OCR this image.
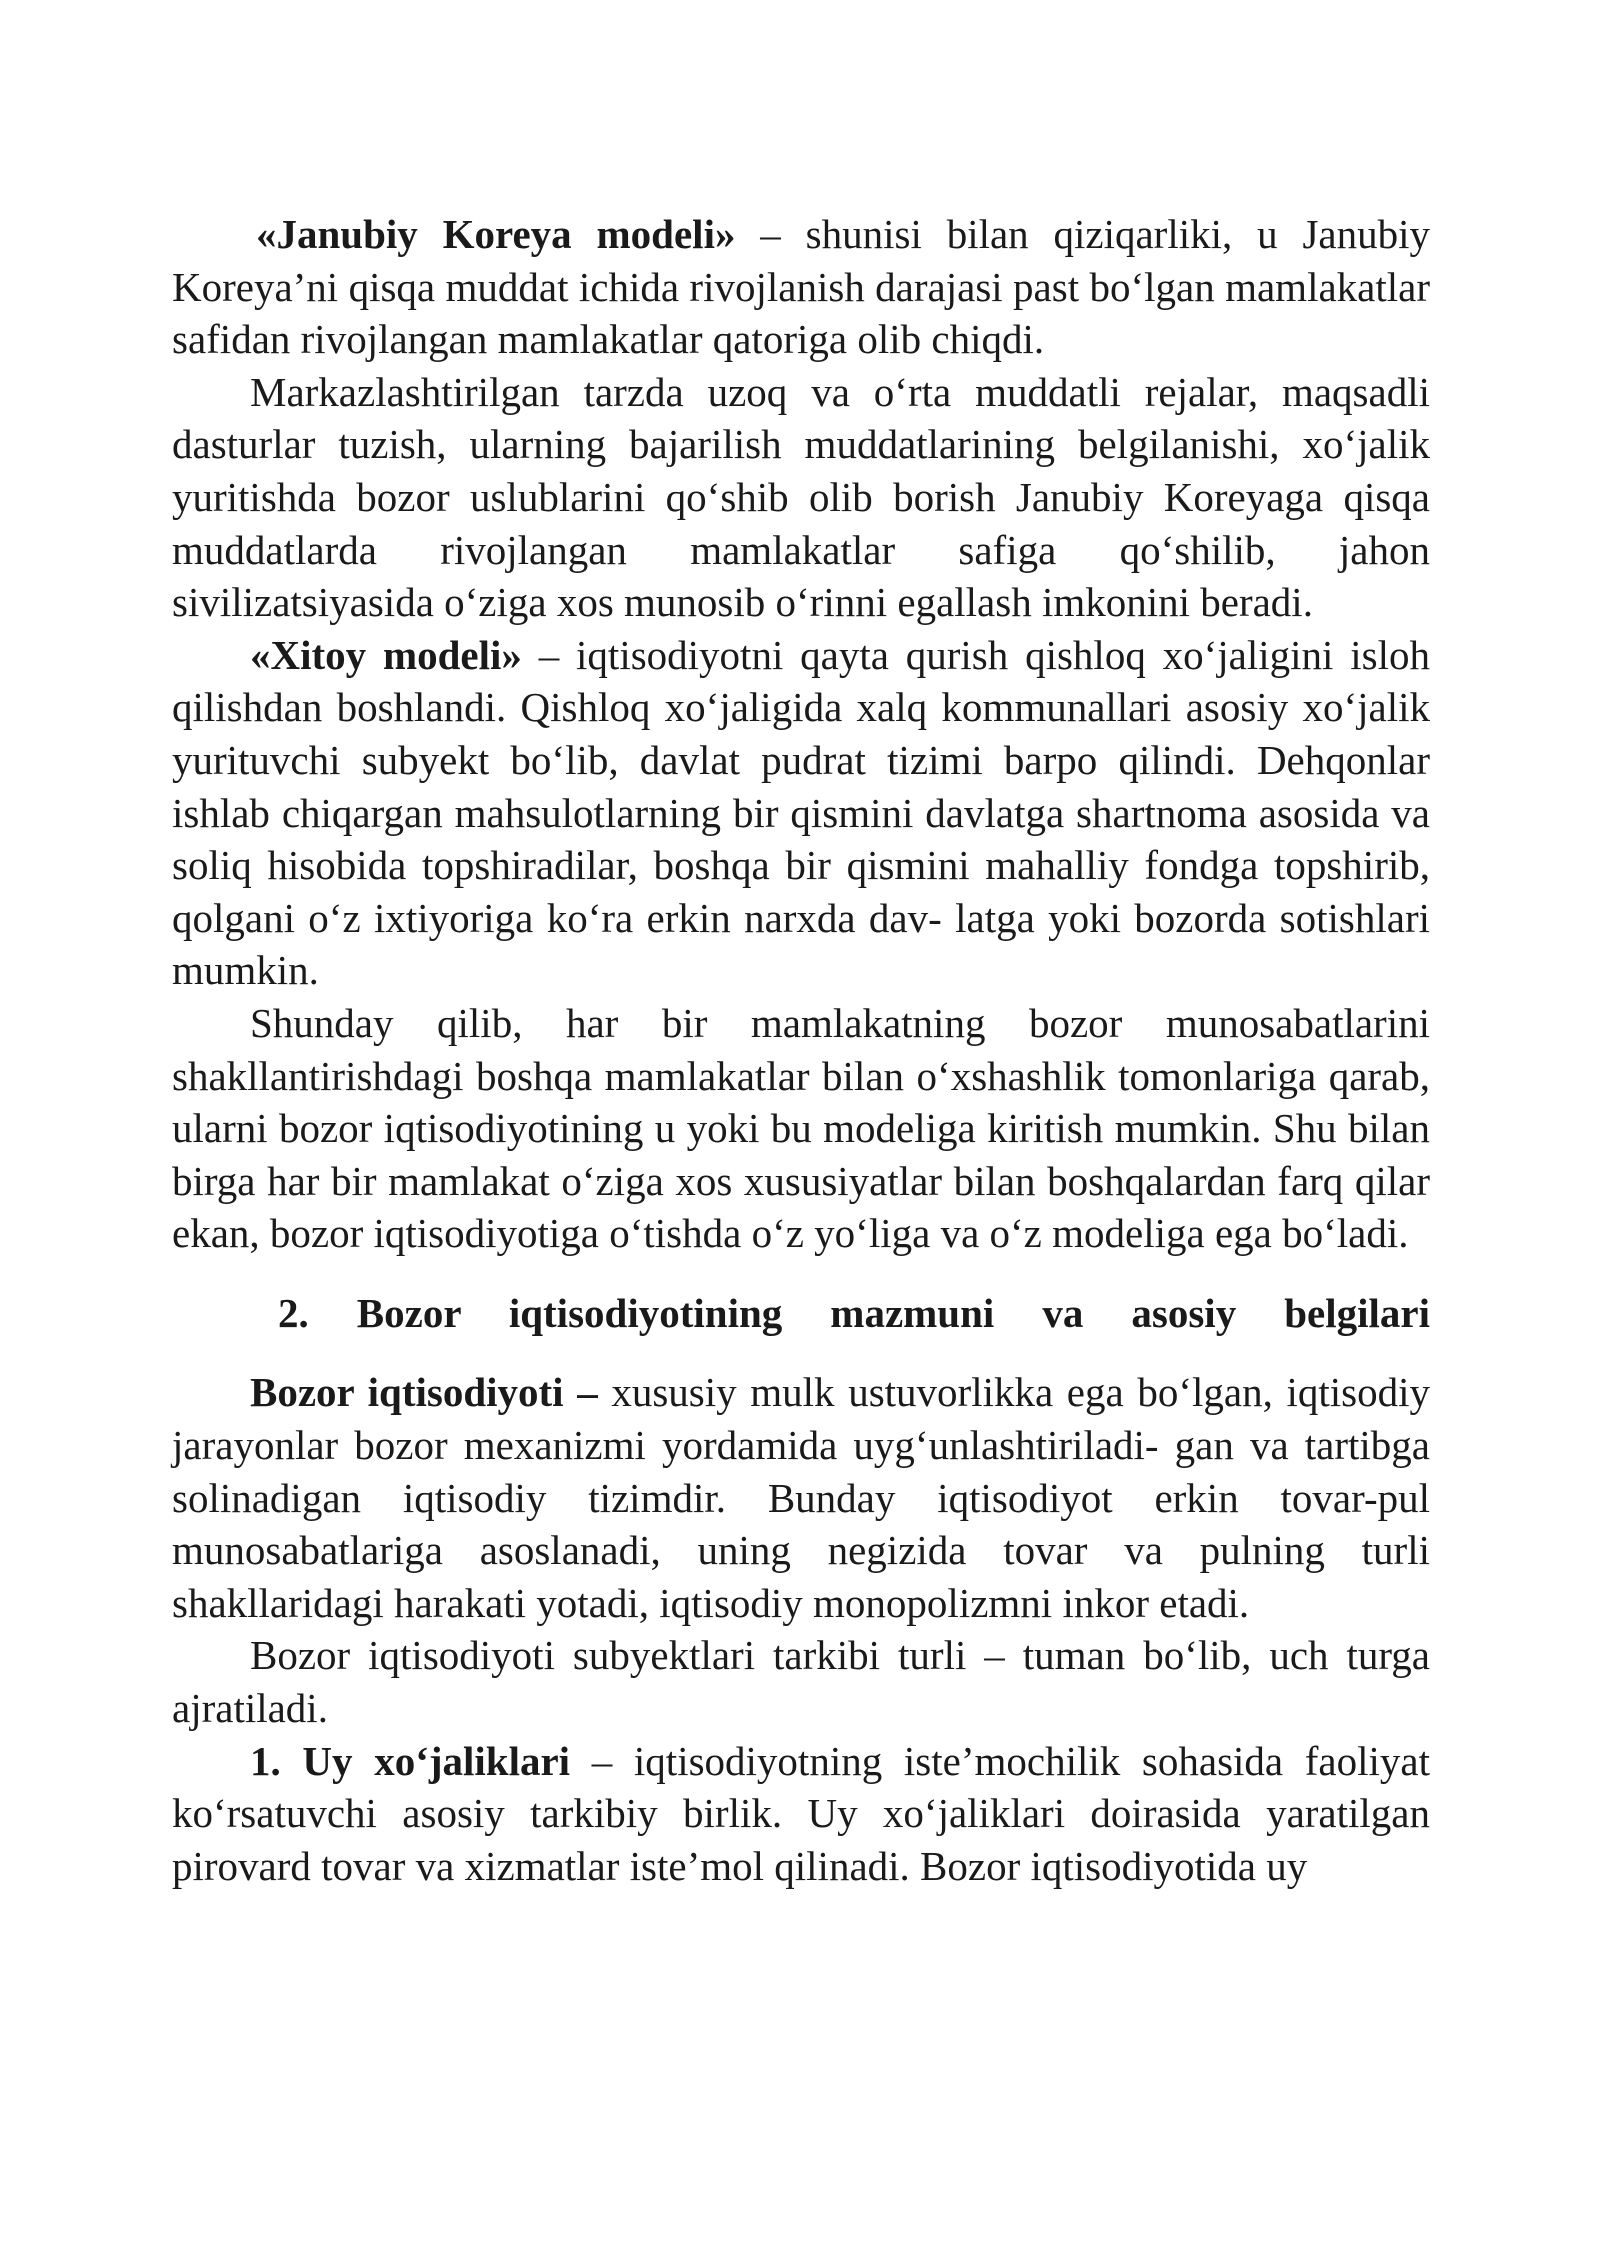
«Janubiy Koreya modeli» – shunisi bilan qiziqarliki, u Janubiy Koreya’ni qisqa muddat ichida rivojlanish darajasi past bo‘lgan mamlakatlar safidan rivojlangan mamlakatlar qatoriga olib chiqdi.

Markazlashtirilgan tarzda uzoq va o‘rta muddatli rejalar, maqsadli dasturlar tuzish, ularning bajarilish muddatlarining belgilanishi, xo‘jalik yuritishda bozor uslublarini qo‘shib olib borish Janubiy Koreyaga qisqa muddatlarda rivojlangan mamlakatlar safiga qo‘shilib, jahon sivilizatsiyasida o‘ziga xos munosib o‘rinni egallash imkonini beradi.

«Xitoy modeli» – iqtisodiyotni qayta qurish qishloq xo‘jaligini isloh qilishdan boshlandi. Qishloq xo‘jaligida xalq kommunallari asosiy xo‘jalik yurituvchi subyekt bo‘lib, davlat pudrat tizimi barpo qilindi. Dehqonlar ishlab chiqargan mahsulotlarning bir qismini davlatga shartnoma asosida va soliq hisobida topshiradilar, boshqa bir qismini mahalliy fondga topshirib, qolgani o‘z ixtiyoriga ko‘ra erkin narxda dav- latga yoki bozorda sotishlari mumkin.

Shunday qilib, har bir mamlakatning bozor munosabatlarini shakllantirishdagi boshqa mamlakatlar bilan o‘xshashlik tomonlariga qarab, ularni bozor iqtisodiyotining u yoki bu modeliga kiritish mumkin. Shu bilan birga har bir mamlakat o‘ziga xos xususiyatlar bilan boshqalardan farq qilar ekan, bozor iqtisodiyotiga o‘tishda o‘z yo‘liga va o‘z modeliga ega bo‘ladi.

2. Bozor iqtisodiyotining mazmuni va asosiy belgilari

Bozor iqtisodiyoti – xususiy mulk ustuvorlikka ega bo‘lgan, iqtisodiy jarayonlar bozor mexanizmi yordamida uyg‘unlashtiriladi- gan va tartibga solinadigan iqtisodiy tizimdir. Bunday iqtisodiyot erkin tovar-pul munosabatlariga asoslanadi, uning negizida tovar va pulning turli shakllaridagi harakati yotadi, iqtisodiy monopolizmni inkor etadi.

Bozor iqtisodiyoti subyektlari tarkibi turli – tuman bo‘lib, uch turga ajratiladi.

1. Uy xo‘jaliklari – iqtisodiyotning iste’mochilik sohasida faoliyat ko‘rsatuvchi asosiy tarkibiy birlik. Uy xo‘jaliklari doirasida yaratilgan pirovard tovar va xizmatlar iste’mol qilinadi. Bozor iqtisodiyotida uy
